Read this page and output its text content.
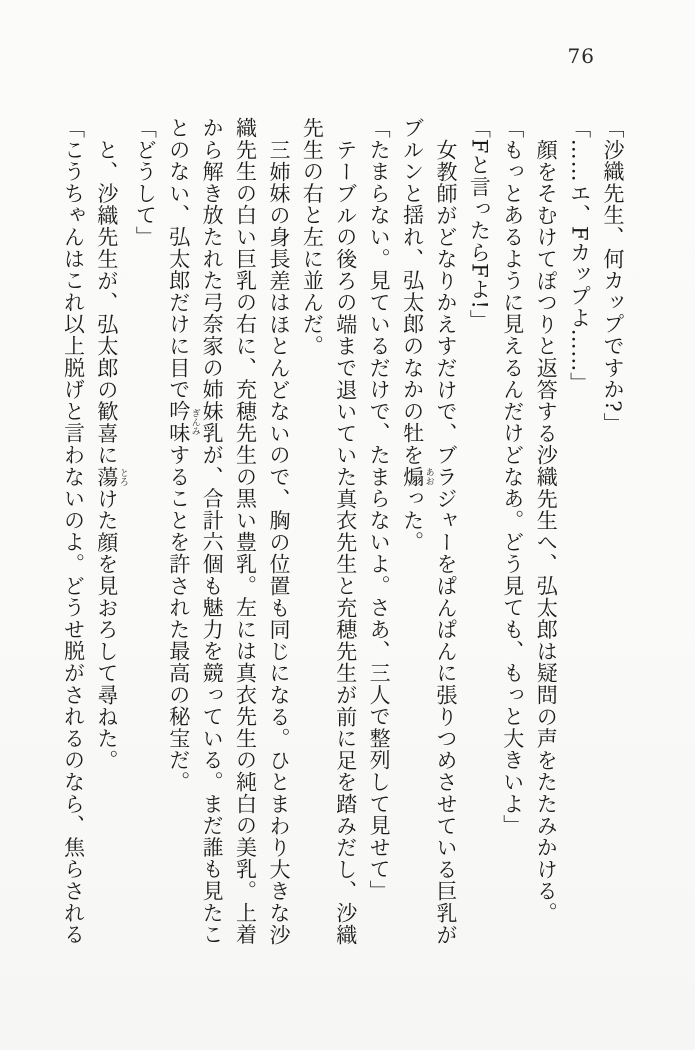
76

「沙織先生、何カップですか?」

「……エ、Fカップよ……」

顔をそむけてぽつりと返答する沙織先生へ、弘太郎は疑問の声をたたみかける。

「もっとあるように見えるんだけどなあ。どう見ても、もっと大きいよ」

「Fと言ったらFよ!」

女教師がどなりかえすだけで、ブラジャーをぱんぱんに張りつめさせている巨乳がブルンと揺れ、弘太郎のなかの牡を煽 あおった。

「たまらない。見ているだけで、たまらないよ。さあ、三人で整列して見せて」

テーブルの後ろの端まで退いていた真衣先生と充穂先生が前に足を踏みだし、沙織先生の右と左に並んだ。

三姉妹の身長差はほとんどないので、胸の位置も同じになる。ひとまわり大きな沙織先生の白い巨乳の右に、充穂先生の黒い豊乳。左には真衣先生の純白の美乳。上着から解き放たれた弓奈家の姉妹乳が、合計六個も魅力を競っている。まだ誰も見たことのない、弘太郎だけに目で吟味 ぎんみすることを許された最高の秘宝だ。

「どうして」

と、沙織先生が、弘太郎の歓喜に蕩 とろけた顔を見おろして尋ねた。

「こうちゃんはこれ以上脱げと言わないのよ。どうせ脱がされるのなら、焦らされる
